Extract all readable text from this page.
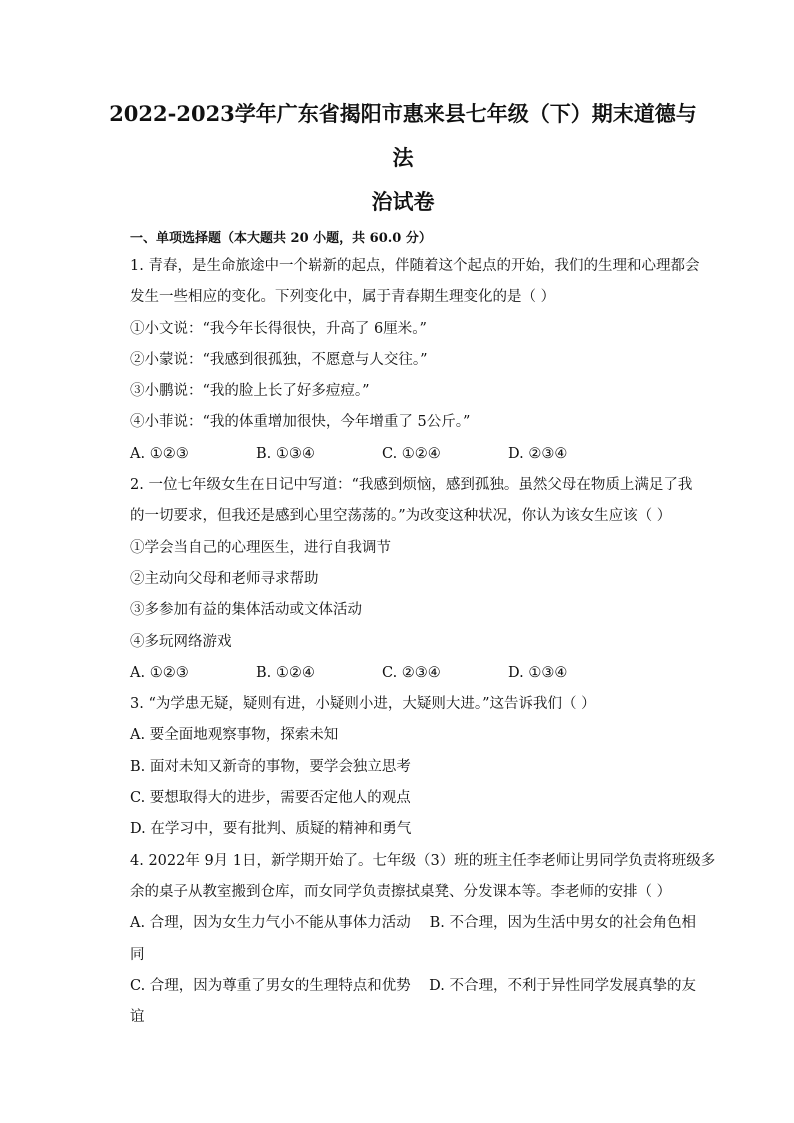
2022-2023学年广东省揭阳市惠来县七年级（下）期末道德与法
治试卷
一、单项选择题（本大题共 20 小题，共 60.0 分）
1. 青春，是生命旅途中一个崭新的起点，伴随着这个起点的开始，我们的生理和心理都会
发生一些相应的变化。下列变化中，属于青春期生理变化的是（ ）
①小文说：“我今年长得很快，升高了 6厘米。”
②小蒙说：“我感到很孤独，不愿意与人交往。”
③小鹏说：“我的脸上长了好多痘痘。”
④小菲说：“我的体重增加很快，今年增重了 5公斤。”
A. ①②③	B. ①③④	C. ①②④	D. ②③④
2. 一位七年级女生在日记中写道：“我感到烦恼，感到孤独。虽然父母在物质上满足了我
的一切要求，但我还是感到心里空荡荡的。”为改变这种状况，你认为该女生应该（ ）
①学会当自己的心理医生，进行自我调节
②主动向父母和老师寻求帮助
③多参加有益的集体活动或文体活动
④多玩网络游戏
A. ①②③	B. ①②④	C. ②③④	D. ①③④
3. “为学患无疑，疑则有进，小疑则小进，大疑则大进。”这告诉我们（ ）
A. 要全面地观察事物，探索未知
B. 面对未知又新奇的事物，要学会独立思考
C. 要想取得大的进步，需要否定他人的观点
D. 在学习中，要有批判、质疑的精神和勇气
4. 2022年 9月 1日，新学期开始了。七年级（3）班的班主任李老师让男同学负责将班级多
余的桌子从教室搬到仓库，而女同学负责擦拭桌凳、分发课本等。李老师的安排（ ）
A. 合理，因为女生力气小不能从事体力活动 B. 不合理，因为生活中男女的社会角色相
同
C. 合理，因为尊重了男女的生理特点和优势 D. 不合理，不利于异性同学发展真挚的友
谊
